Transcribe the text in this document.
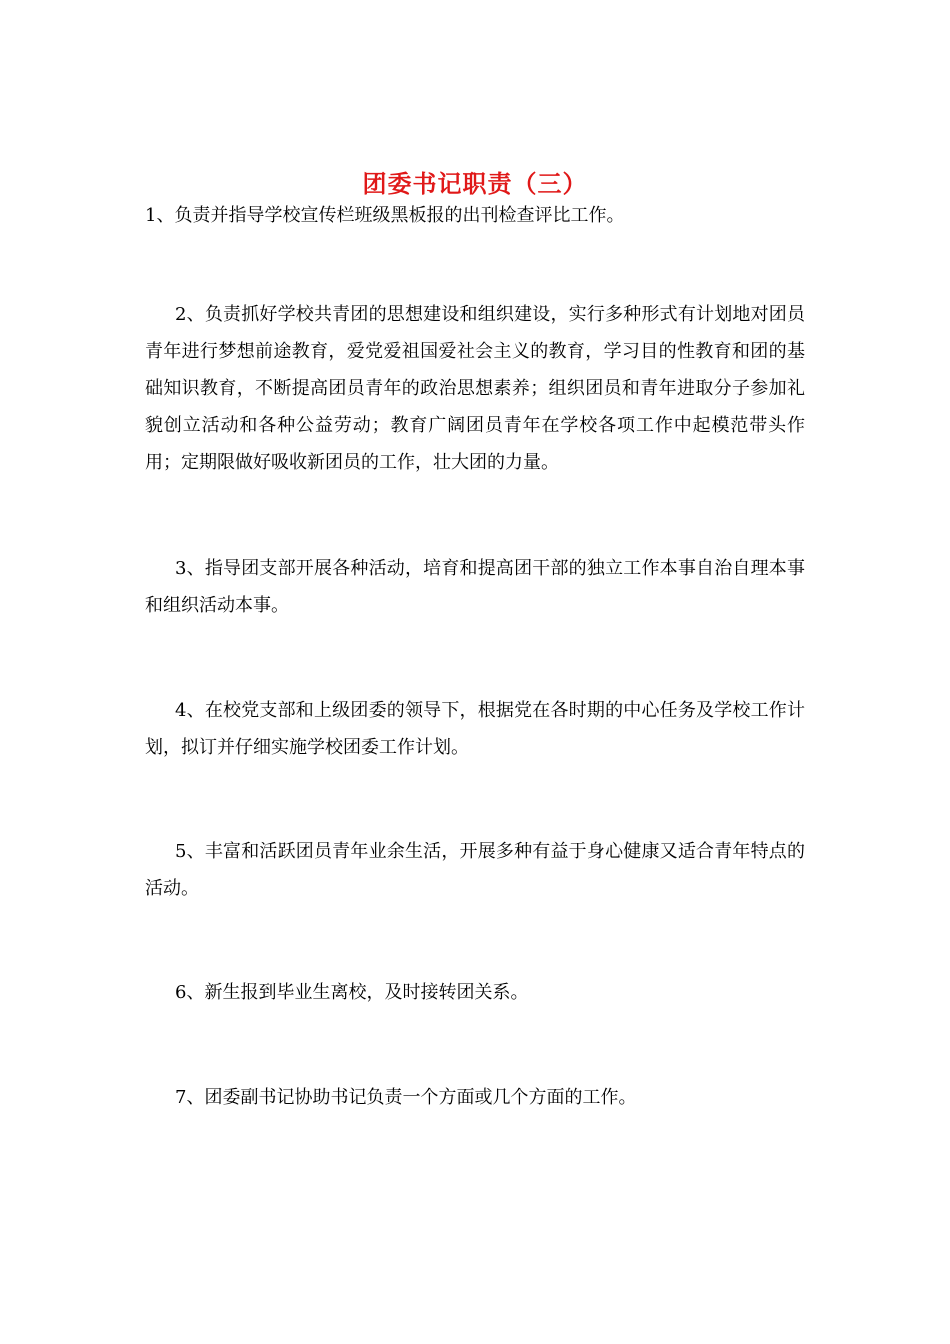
团委书记职责（三）

1、负责并指导学校宣传栏班级黑板报的出刊检查评比工作。

2、负责抓好学校共青团的思想建设和组织建设，实行多种形式有计划地对团员青年进行梦想前途教育，爱党爱祖国爱社会主义的教育，学习目的性教育和团的基础知识教育，不断提高团员青年的政治思想素养；组织团员和青年进取分子参加礼貌创立活动和各种公益劳动；教育广阔团员青年在学校各项工作中起模范带头作用；定期限做好吸收新团员的工作，壮大团的力量。

3、指导团支部开展各种活动，培育和提高团干部的独立工作本事自治自理本事和组织活动本事。

4、在校党支部和上级团委的领导下，根据党在各时期的中心任务及学校工作计划，拟订并仔细实施学校团委工作计划。

5、丰富和活跃团员青年业余生活，开展多种有益于身心健康又适合青年特点的活动。

6、新生报到毕业生离校，及时接转团关系。

7、团委副书记协助书记负责一个方面或几个方面的工作。
